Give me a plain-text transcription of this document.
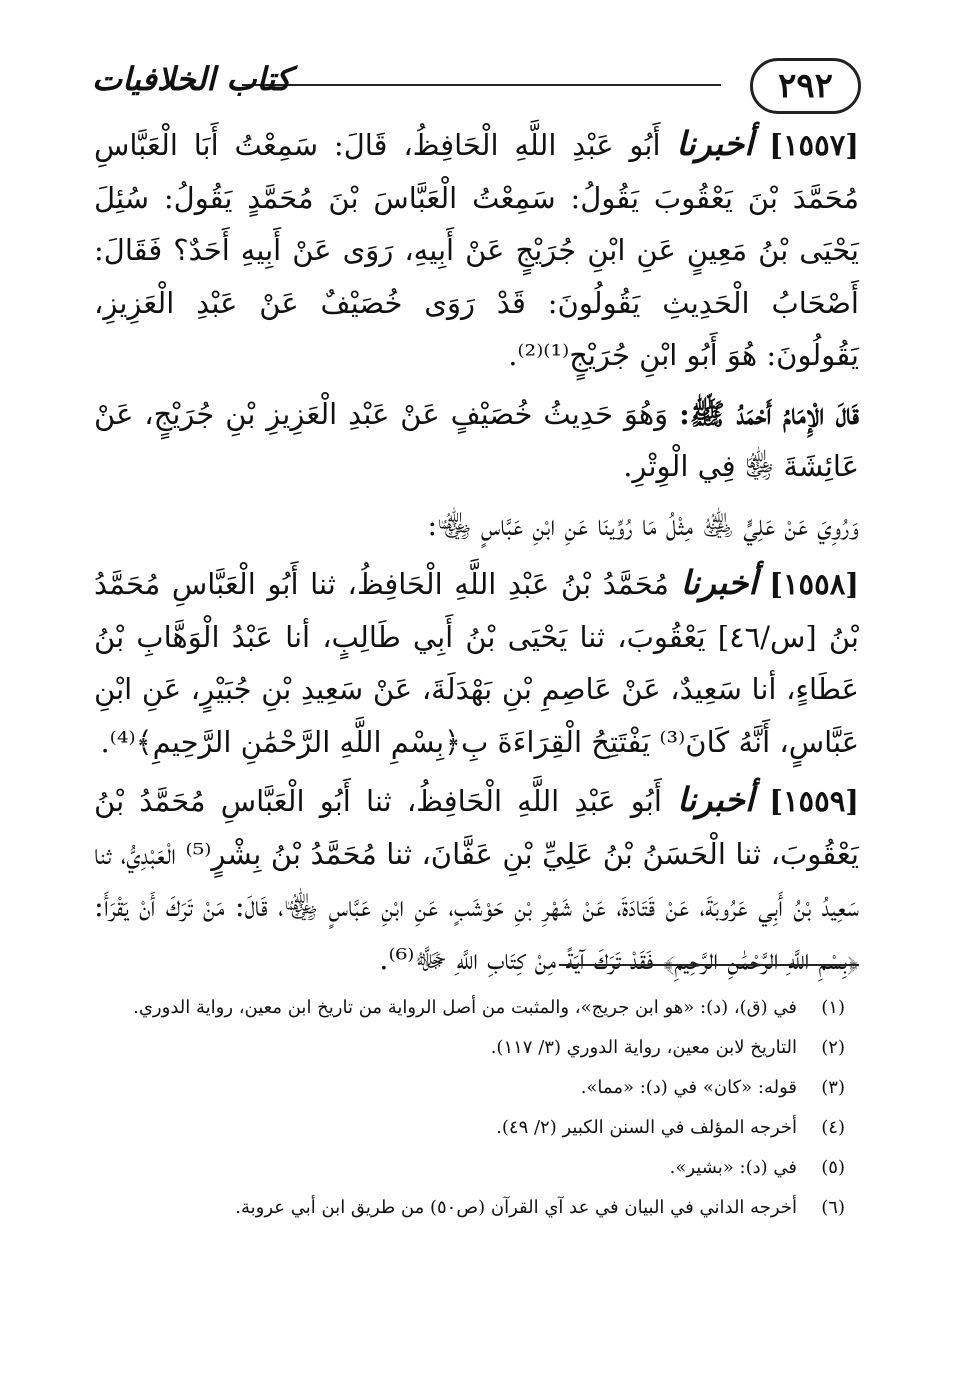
٢٩٢
كتاب الخلافيات

[١٥٥٧] أخبرنا أَبُو عَبْدِ اللَّهِ الْحَافِظُ، قَالَ: سَمِعْتُ أَبَا الْعَبَّاسِ مُحَمَّدَ بْنَ يَعْقُوبَ يَقُولُ: سَمِعْتُ الْعَبَّاسَ بْنَ مُحَمَّدٍ يَقُولُ: سُئِلَ يَحْيَى بْنُ مَعِينٍ عَنِ ابْنِ جُرَيْجٍ عَنْ أَبِيهِ، رَوَى عَنْ أَبِيهِ أَحَدٌ؟ فَقَالَ: أَصْحَابُ الْحَدِيثِ يَقُولُونَ: قَدْ رَوَى خُصَيْفٌ عَنْ عَبْدِ الْعَزِيزِ، يَقُولُونَ: هُوَ أَبُو ابْنِ جُرَيْجٍ⁽¹⁾⁽²⁾.

قَالَ الْإِمَامُ أَحْمَدُ ﷺ: وَهُوَ حَدِيثُ خُصَيْفٍ عَنْ عَبْدِ الْعَزِيزِ بْنِ جُرَيْجٍ، عَنْ عَائِشَةَ ﵂ فِي الْوِتْرِ.

وَرُوِيَ عَنْ عَلِيٍّ ﵁ مِثْلُ مَا رُوِّينَا عَنِ ابْنِ عَبَّاسٍ ﵄:

[١٥٥٨] أخبرنا مُحَمَّدُ بْنُ عَبْدِ اللَّهِ الْحَافِظُ، ثنا أَبُو الْعَبَّاسِ مُحَمَّدُ بْنُ [س/٤٦] يَعْقُوبَ، ثنا يَحْيَى بْنُ أَبِي طَالِبٍ، أنا عَبْدُ الْوَهَّابِ بْنُ عَطَاءٍ، أنا سَعِيدٌ، عَنْ عَاصِمِ بْنِ بَهْدَلَةَ، عَنْ سَعِيدِ بْنِ جُبَيْرٍ، عَنِ ابْنِ عَبَّاسٍ، أَنَّهُ كَانَ⁽³⁾ يَفْتَتِحُ الْقِرَاءَةَ بِ﴿بِسْمِ اللَّهِ الرَّحْمَٰنِ الرَّحِيمِ﴾⁽⁴⁾.

[١٥٥٩] أخبرنا أَبُو عَبْدِ اللَّهِ الْحَافِظُ، ثنا أَبُو الْعَبَّاسِ مُحَمَّدُ بْنُ يَعْقُوبَ، ثنا الْحَسَنُ بْنُ عَلِيِّ بْنِ عَفَّانَ، ثنا مُحَمَّدُ بْنُ بِشْرٍ⁽⁵⁾ الْعَبْدِيُّ، ثنا سَعِيدُ بْنُ أَبِي عَرُوبَةَ، عَنْ قَتَادَةَ، عَنْ شَهْرِ بْنِ حَوْشَبٍ، عَنِ ابْنِ عَبَّاسٍ ﵄، قَالَ: مَنْ تَرَكَ أَنْ يَقْرَأَ: ﴿بِسْمِ اللَّهِ الرَّحْمَٰنِ الرَّحِيمِ﴾ فَقَدْ تَرَكَ آيَةً مِنْ كِتَابِ اللَّهِ ﷻ⁽⁶⁾.

(١)
في (ق)، (د): «هو ابن جريج»، والمثبت من أصل الرواية من تاريخ ابن معين، رواية الدوري.
(٢)
التاريخ لابن معين، رواية الدوري (٣/ ١١٧).
(٣)
قوله: «كان» في (د): «مما».
(٤)
أخرجه المؤلف في السنن الكبير (٢/ ٤٩).
(٥)
في (د): «بشير».
(٦)
أخرجه الداني في البيان في عد آي القرآن (ص٥٠) من طريق ابن أبي عروبة.
